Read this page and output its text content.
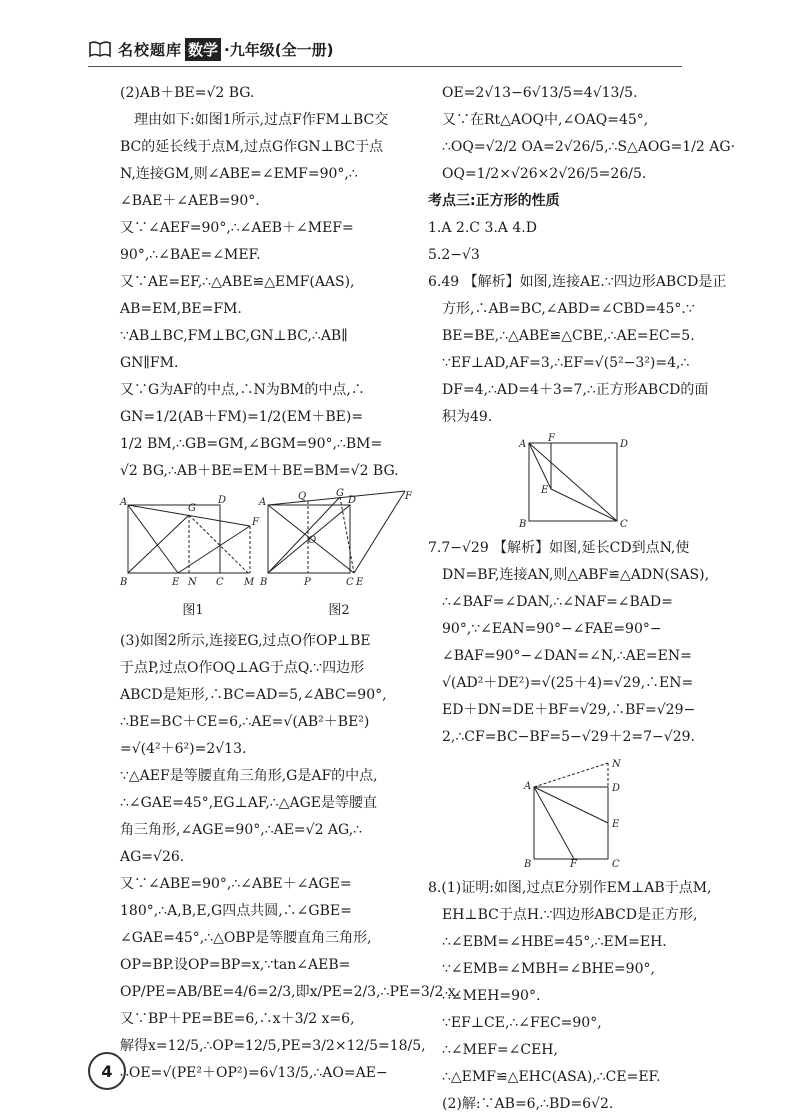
名校题库 数学 ·九年级(全一册)
(2)AB＋BE=√2 BG.
理由如下:如图1所示,过点F作FM⊥BC交
BC的延长线于点M,过点G作GN⊥BC于点
N,连接GM,则∠ABE=∠EMF=90°,∴
∠BAE＋∠AEB=90°.
又∵∠AEF=90°,∴∠AEB＋∠MEF=
90°,∴∠BAE=∠MEF.
又∵AE=EF,∴△ABE≌△EMF(AAS),
AB=EM,BE=FM.
∵AB⊥BC,FM⊥BC,GN⊥BC,∴AB∥
GN∥FM.
又∵G为AF的中点,∴N为BM的中点,∴
GN=1/2(AB＋FM)=1/2(EM＋BE)=
1/2 BM,∴GB=GM,∠BGM=90°,∴BM=
√2 BG,∴AB＋BE=EM＋BE=BM=√2 BG.
A	D
G
F
B	E N C M
A
Q	G
D	F
O
B	P	C E
图1	图2
(3)如图2所示,连接EG,过点O作OP⊥BE
于点P,过点O作OQ⊥AG于点Q.∵四边形
ABCD是矩形,∴BC=AD=5,∠ABC=90°,
∴BE=BC＋CE=6,∴AE=√(AB²＋BE²)
=√(4²＋6²)=2√13.
∵△AEF是等腰直角三角形,G是AF的中点,
∴∠GAE=45°,EG⊥AF,∴△AGE是等腰直
角三角形,∠AGE=90°,∴AE=√2 AG,∴
AG=√26.
又∵∠ABE=90°,∴∠ABE＋∠AGE=
180°,∴A,B,E,G四点共圆,∴∠GBE=
∠GAE=45°,∴△OBP是等腰直角三角形,
OP=BP.设OP=BP=x,∵tan∠AEB=
OP/PE=AB/BE=4/6=2/3,即x/PE=2/3,∴PE=3/2 x.
又∵BP＋PE=BE=6,∴x＋3/2 x=6,
解得x=12/5,∴OP=12/5,PE=3/2×12/5=18/5,
∴OE=√(PE²＋OP²)=6√13/5,∴AO=AE−
OE=2√13−6√13/5=4√13/5.
又∵在Rt△AOQ中,∠OAQ=45°,
∴OQ=√2/2 OA=2√26/5,∴S△AOG=1/2 AG·
OQ=1/2×√26×2√26/5=26/5.
考点三:正方形的性质
1.A 2.C 3.A 4.D
5.2−√3
6.49 【解析】如图,连接AE.∵四边形ABCD是正
方形,∴AB=BC,∠ABD=∠CBD=45°.∵
BE=BE,∴△ABE≌△CBE,∴AE=EC=5.
∵EF⊥AD,AF=3,∴EF=√(5²−3²)=4,∴
DF=4,∴AD=4＋3=7,∴正方形ABCD的面
积为49.
A
F
D
E
B	C
7.7−√29 【解析】如图,延长CD到点N,使
DN=BF,连接AN,则△ABF≌△ADN(SAS),
∴∠BAF=∠DAN,∴∠NAF=∠BAD=
90°,∵∠EAN=90°−∠FAE=90°−
∠BAF=90°−∠DAN=∠N,∴AE=EN=
√(AD²＋DE²)=√(25＋4)=√29,∴EN=
ED＋DN=DE＋BF=√29,∴BF=√29−
2,∴CF=BC−BF=5−√29＋2=7−√29.
A
N
D
E
B	F	C
8.(1)证明:如图,过点E分别作EM⊥AB于点M,
EH⊥BC于点H.∵四边形ABCD是正方形,
∴∠EBM=∠HBE=45°,∴EM=EH.
∵∠EMB=∠MBH=∠BHE=90°,
∴∠MEH=90°.
∵EF⊥CE,∴∠FEC=90°,
∴∠MEF=∠CEH,
∴△EMF≌△EHC(ASA),∴CE=EF.
(2)解:∵AB=6,∴BD=6√2.
4
